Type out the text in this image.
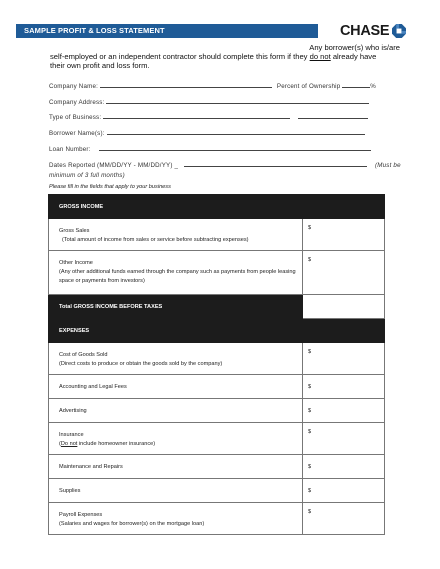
SAMPLE PROFIT & LOSS STATEMENT	CHASE
Any borrower(s) who is/are
self-employed or an independent contractor should complete this form if they do not already have
their own profit and loss form.
Company Name:	Percent of Ownership	%
Company Address:
Type of Business:
Borrower Name(s):
Loan Number:
Dates Reported (MM/DD/YY - MM/DD/YY) _	(Must be
minimum of 3 full months)
Please fill in the fields that apply to your business
GROSS INCOME	

Gross Sales
(Total amount of income from sales or service before subtracting expenses)	$

Other Income
(Any other additional funds earned through the company such as payments from people leasing space or payments from investors)	$

Total GROSS INCOME BEFORE TAXES	
EXPENSES	

Cost of Goods Sold
(Direct costs to produce or obtain the goods sold by the company)	$

Accounting and Legal Fees	$
Advertising	$

Insurance
(Do not include homeowner insurance)	$

Maintenance and Repairs	$
Supplies	$

Payroll Expenses
(Salaries and wages for borrower(s) on the mortgage loan)	$
